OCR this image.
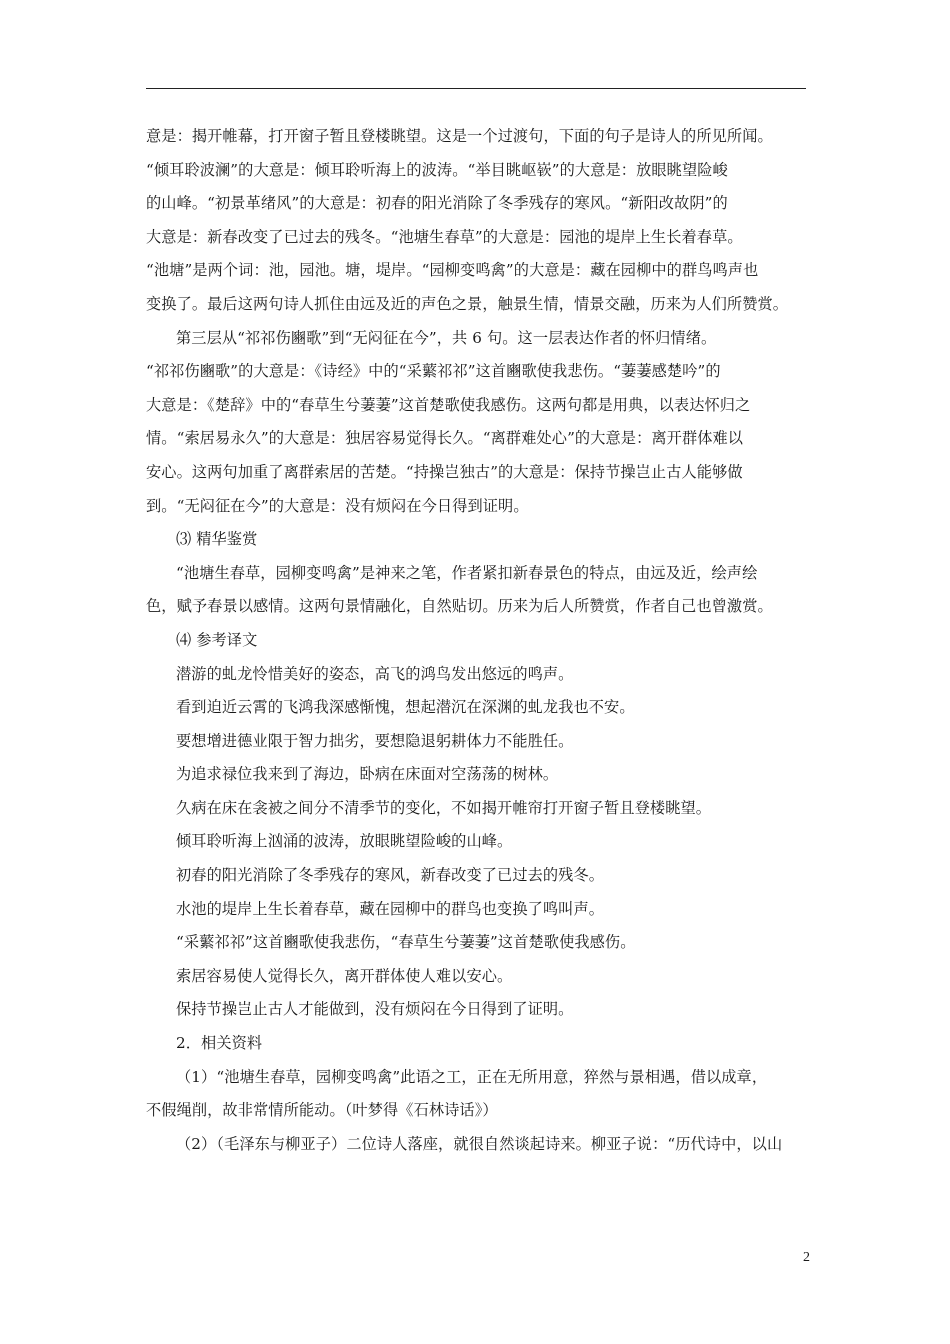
意是：揭开帷幕，打开窗子暂且登楼眺望。这是一个过渡句，下面的句子是诗人的所见所闻。
“倾耳聆波澜”的大意是：倾耳聆听海上的波涛。“举目眺岖嵚”的大意是：放眼眺望险峻
的山峰。“初景革绪风”的大意是：初春的阳光消除了冬季残存的寒风。“新阳改故阴”的
大意是：新春改变了已过去的残冬。“池塘生春草”的大意是：园池的堤岸上生长着春草。
“池塘”是两个词：池，园池。塘，堤岸。“园柳变鸣禽”的大意是：藏在园柳中的群鸟鸣声也
变换了。最后这两句诗人抓住由远及近的声色之景，触景生情，情景交融，历来为人们所赞赏。
第三层从“祁祁伤豳歌”到“无闷征在今”，共 6 句。这一层表达作者的怀归情绪。
“祁祁伤豳歌”的大意是：《诗经》中的“采蘩祁祁”这首豳歌使我悲伤。“萋萋感楚吟”的
大意是：《楚辞》中的“春草生兮萋萋”这首楚歌使我感伤。这两句都是用典，以表达怀归之
情。“索居易永久”的大意是：独居容易觉得长久。“离群难处心”的大意是：离开群体难以
安心。这两句加重了离群索居的苦楚。“持操岂独古”的大意是：保持节操岂止古人能够做
到。“无闷征在今”的大意是：没有烦闷在今日得到证明。
⑶ 精华鉴赏
“池塘生春草，园柳变鸣禽”是神来之笔，作者紧扣新春景色的特点，由远及近，绘声绘
色，赋予春景以感情。这两句景情融化，自然贴切。历来为后人所赞赏，作者自己也曾激赏。
⑷ 参考译文
潜游的虬龙怜惜美好的姿态，高飞的鸿鸟发出悠远的鸣声。
看到迫近云霄的飞鸿我深感惭愧，想起潜沉在深渊的虬龙我也不安。
要想增进德业限于智力拙劣，要想隐退躬耕体力不能胜任。
为追求禄位我来到了海边，卧病在床面对空荡荡的树林。
久病在床在衾被之间分不清季节的变化，不如揭开帷帘打开窗子暂且登楼眺望。
倾耳聆听海上汹涌的波涛，放眼眺望险峻的山峰。
初春的阳光消除了冬季残存的寒风，新春改变了已过去的残冬。
水池的堤岸上生长着春草，藏在园柳中的群鸟也变换了鸣叫声。
“采蘩祁祁”这首豳歌使我悲伤，“春草生兮萋萋”这首楚歌使我感伤。
索居容易使人觉得长久，离开群体使人难以安心。
保持节操岂止古人才能做到，没有烦闷在今日得到了证明。
2．相关资料
（1）“池塘生春草，园柳变鸣禽”此语之工，正在无所用意，猝然与景相遇，借以成章，
不假绳削，故非常情所能动。（叶梦得《石林诗话》）
（2）（毛泽东与柳亚子）二位诗人落座，就很自然谈起诗来。柳亚子说：“历代诗中，以山
2
